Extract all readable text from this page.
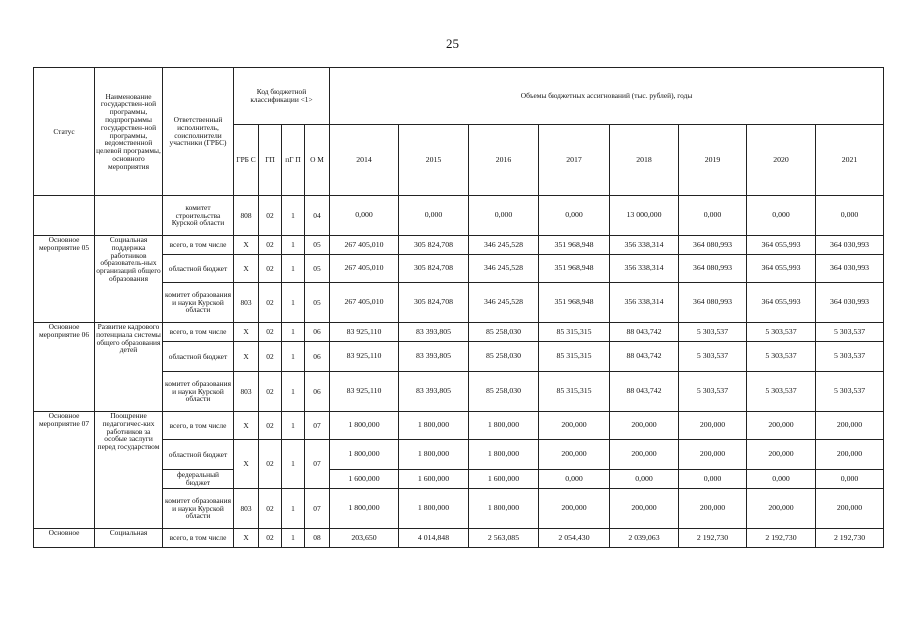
25
Статус	Наименование государствен-ной программы, подпрограммы государствен-ной программы, ведомственной целевой программы, основного мероприятия	Ответственный исполнитель, соисполнители участники (ГРБС)	Код бюджетной классификации <1>				Объемы бюджетных ассигнований (тыс. рублей), годы							
			ГРБ С	ГП	пГ П	О М	2014	2015	2016	2017	2018	2019	2020	2021
		комитет строительства Курской области	808	02	1	04	0,000	0,000	0,000	0,000	13 000,000	0,000	0,000	0,000
Основное мероприятие 05	Социальная поддержка работников образователь-ных организаций общего образования	всего, в том числе	X	02	1	05	267 405,010	305 824,708	346 245,528	351 968,948	356 338,314	364 080,993	364 055,993	364 030,993
		областной бюджет	X	02	1	05	267 405,010	305 824,708	346 245,528	351 968,948	356 338,314	364 080,993	364 055,993	364 030,993
		комитет образования и науки Курской области	803	02	1	05	267 405,010	305 824,708	346 245,528	351 968,948	356 338,314	364 080,993	364 055,993	364 030,993
Основное мероприятие 06	Развитие кадрового потенциала системы общего образования детей	всего, в том числе	X	02	1	06	83 925,110	83 393,805	85 258,030	85 315,315	88 043,742	5 303,537	5 303,537	5 303,537
		областной бюджет	X	02	1	06	83 925,110	83 393,805	85 258,030	85 315,315	88 043,742	5 303,537	5 303,537	5 303,537
		комитет образования и науки Курской области	803	02	1	06	83 925,110	83 393,805	85 258,030	85 315,315	88 043,742	5 303,537	5 303,537	5 303,537
Основное мероприятие 07	Поощрение педагогичес-ких работников за особые заслуги перед государством	всего, в том числе	X	02	1	07	1 800,000	1 800,000	1 800,000	200,000	200,000	200,000	200,000	200,000
		областной бюджет	X	02	1	07	1 800,000	1 800,000	1 800,000	200,000	200,000	200,000	200,000	200,000
		федеральный бюджет					1 600,000	1 600,000	1 600,000	0,000	0,000	0,000	0,000	0,000
		комитет образования и науки Курской области	803	02	1	07	1 800,000	1 800,000	1 800,000	200,000	200,000	200,000	200,000	200,000
Основное	Социальная	всего, в том числе	X	02	1	08	203,650	4 014,848	2 563,085	2 054,430	2 039,063	2 192,730	2 192,730	2 192,730
